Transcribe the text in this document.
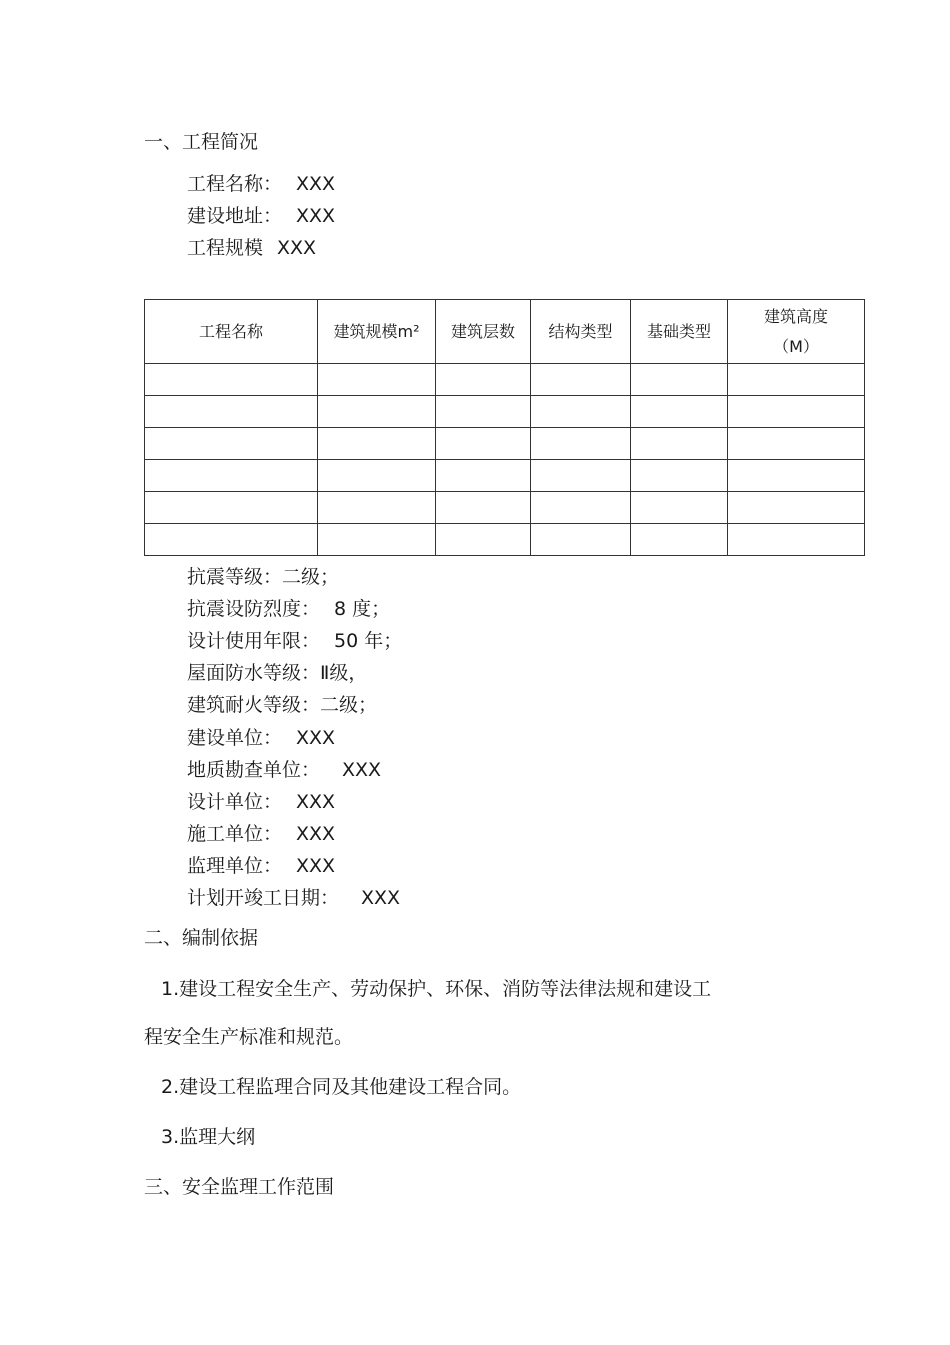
一、工程简况
工程名称： XXX
建设地址： XXX
工程规模 XXX
工程名称	建筑规模m²	建筑层数	结构类型	基础类型	建筑高度
（M）

抗震等级：二级；
抗震设防烈度： 8 度；
设计使用年限： 50 年；
屋面防水等级：Ⅱ级，
建筑耐火等级：二级；
建设单位： XXX
地质勘查单位： XXX
设计单位： XXX
施工单位： XXX
监理单位： XXX
计划开竣工日期： XXX
二、编制依据
1.建设工程安全生产、劳动保护、环保、消防等法律法规和建设工
程安全生产标准和规范。
2.建设工程监理合同及其他建设工程合同。
3.监理大纲
三、安全监理工作范围
